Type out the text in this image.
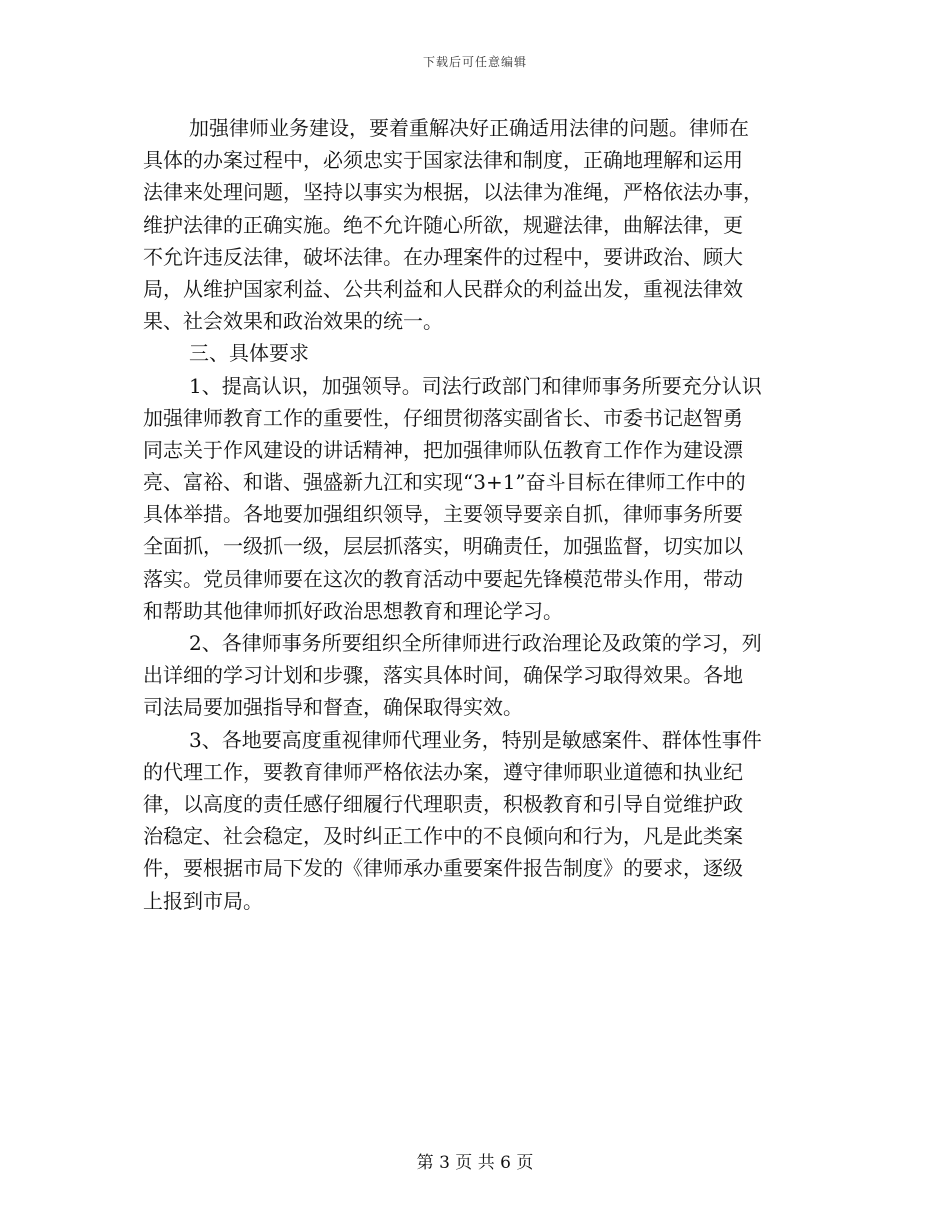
下载后可任意编辑
加强律师业务建设，要着重解决好正确适用法律的问题。律师在
具体的办案过程中，必须忠实于国家法律和制度，正确地理解和运用
法律来处理问题，坚持以事实为根据，以法律为准绳，严格依法办事，
维护法律的正确实施。绝不允许随心所欲，规避法律，曲解法律，更
不允许违反法律，破坏法律。在办理案件的过程中，要讲政治、顾大
局，从维护国家利益、公共利益和人民群众的利益出发，重视法律效
果、社会效果和政治效果的统一。
三、具体要求
1、提高认识，加强领导。司法行政部门和律师事务所要充分认识
加强律师教育工作的重要性，仔细贯彻落实副省长、市委书记赵智勇
同志关于作风建设的讲话精神，把加强律师队伍教育工作作为建设漂
亮、富裕、和谐、强盛新九江和实现“3+1”奋斗目标在律师工作中的
具体举措。各地要加强组织领导，主要领导要亲自抓，律师事务所要
全面抓，一级抓一级，层层抓落实，明确责任，加强监督，切实加以
落实。党员律师要在这次的教育活动中要起先锋模范带头作用，带动
和帮助其他律师抓好政治思想教育和理论学习。
2、各律师事务所要组织全所律师进行政治理论及政策的学习，列
出详细的学习计划和步骤，落实具体时间，确保学习取得效果。各地
司法局要加强指导和督查，确保取得实效。
3、各地要高度重视律师代理业务，特别是敏感案件、群体性事件
的代理工作，要教育律师严格依法办案，遵守律师职业道德和执业纪
律，以高度的责任感仔细履行代理职责，积极教育和引导自觉维护政
治稳定、社会稳定，及时纠正工作中的不良倾向和行为，凡是此类案
件，要根据市局下发的《律师承办重要案件报告制度》的要求，逐级
上报到市局。
第 3 页 共 6 页
